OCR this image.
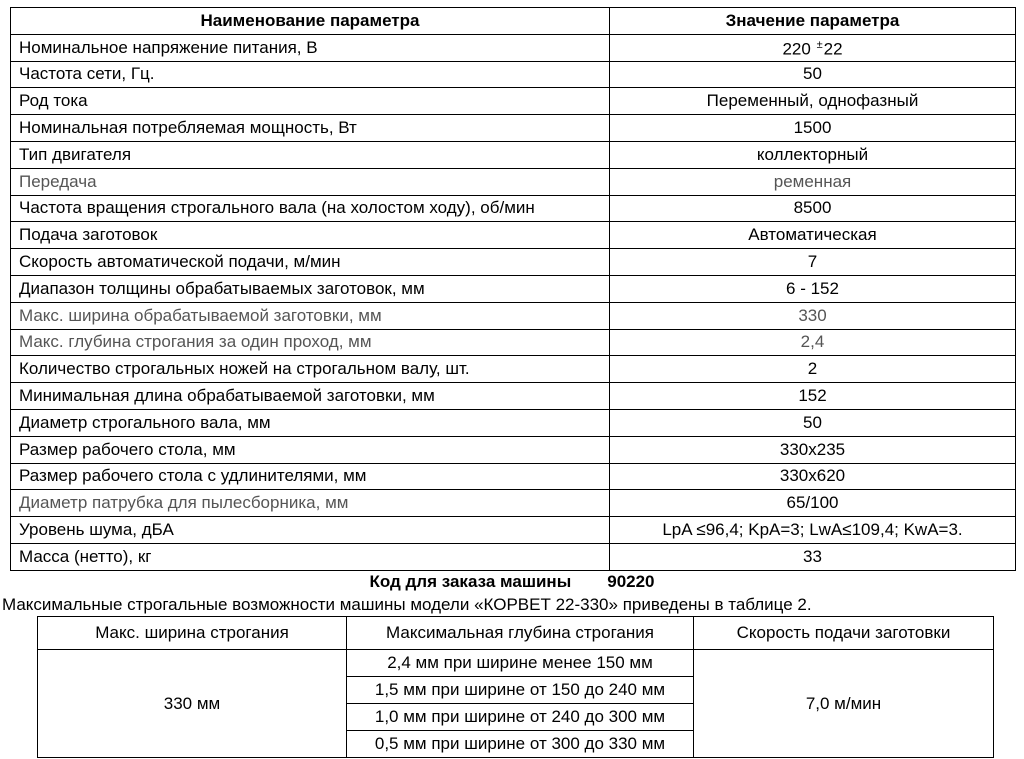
Наименование параметра	Значение параметра
Номинальное напряжение питания, В	220 ±22
Частота сети, Гц.	50
Род тока	Переменный, однофазный
Номинальная потребляемая мощность, Вт	1500
Тип двигателя	коллекторный
Передача	ременная
Частота вращения строгального вала (на холостом ходу), об/мин	8500
Подача заготовок	Автоматическая
Скорость автоматической подачи, м/мин	7
Диапазон толщины обрабатываемых заготовок, мм	6 - 152
Макс. ширина обрабатываемой заготовки, мм	330
Макс. глубина строгания за один проход, мм	2,4
Количество строгальных ножей на строгальном валу, шт.	2
Минимальная длина обрабатываемой заготовки, мм	152
Диаметр строгального вала, мм	50
Размер рабочего стола, мм	330x235
Размер рабочего стола с удлинителями, мм	330x620
Диаметр патрубка для пылесборника, мм	65/100
Уровень шума, дБА	LpA ≤96,4; KpA=3; LwA≤109,4; KwA=3.
Масса (нетто), кг	33

Код для заказа машины 90220

Максимальные строгальные возможности машины модели «КОРВЕТ 22-330» приведены в таблице 2.

Макс. ширина строгания	Максимальная глубина строгания	Скорость подачи заготовки
330 мм	2,4 мм при ширине менее 150 мм	7,0 м/мин
	1,5 мм при ширине от 150 до 240 мм	
	1,0 мм при ширине от 240 до 300 мм	
	0,5 мм при ширине от 300 до 330 мм	
